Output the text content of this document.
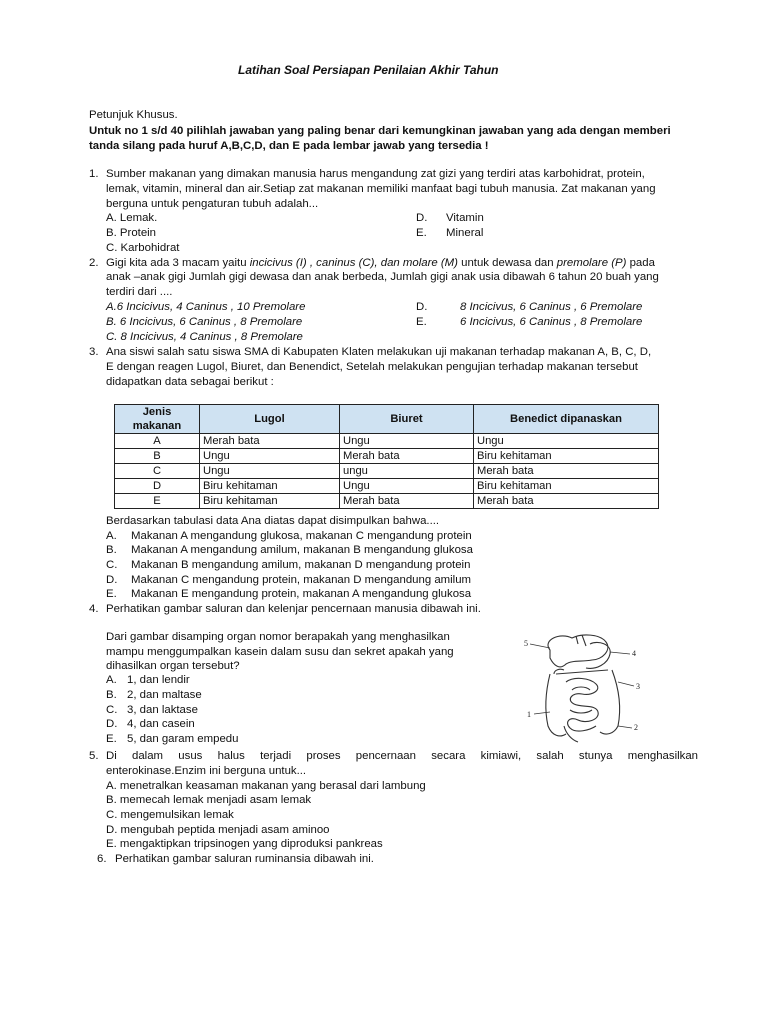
Latihan Soal Persiapan Penilaian Akhir Tahun
Petunjuk Khusus.
Untuk no 1 s/d 40 pilihlah jawaban yang paling benar dari kemungkinan jawaban yang ada dengan memberi
tanda silang pada huruf A,B,C,D, dan E pada lembar jawab yang tersedia !
1. Sumber makanan yang dimakan manusia harus mengandung zat gizi yang terdiri atas karbohidrat, protein,
lemak, vitamin, mineral dan air.Setiap zat makanan memiliki manfaat bagi tubuh manusia. Zat makanan yang
berguna untuk pengaturan tubuh adalah...
A. Lemak.
B. Protein
C. Karbohidrat
D. Vitamin
E. Mineral
2. Gigi kita ada 3 macam yaitu incicivus (I) , caninus (C), dan molare (M) untuk dewasa dan premolare (P) pada
anak –anak gigi Jumlah gigi dewasa dan anak berbeda, Jumlah gigi anak usia dibawah 6 tahun 20 buah yang
terdiri dari ....
A.6 Incicivus, 4 Caninus , 10 Premolare
B. 6 Incicivus, 6 Caninus , 8 Premolare
C. 8 Incicivus, 4 Caninus , 8 Premolare
D.	8 Incicivus, 6 Caninus , 6 Premolare
E.	6 Incicivus, 6 Caninus , 8 Premolare
3. Ana siswi salah satu siswa SMA di Kabupaten Klaten melakukan uji makanan terhadap makanan A, B, C, D,
E dengan reagen Lugol, Biuret, dan Benendict, Setelah melakukan pengujian terhadap makanan tersebut
didapatkan data sebagai berikut :
Jenis makanan	Lugol	Biuret	Benedict dipanaskan
A	Merah bata	Ungu	Ungu
B	Ungu	Merah bata	Biru kehitaman
C	Ungu	ungu	Merah bata
D	Biru kehitaman	Ungu	Biru kehitaman
E	Biru kehitaman	Merah bata	Merah bata
Berdasarkan tabulasi data Ana diatas dapat disimpulkan bahwa....
A. Makanan A mengandung glukosa, makanan C mengandung protein
B. Makanan A mengandung amilum, makanan B mengandung glukosa
C. Makanan B mengandung amilum, makanan D mengandung protein
D. Makanan C mengandung protein, makanan D mengandung amilum
E. Makanan E mengandung protein, makanan A mengandung glukosa
4. Perhatikan gambar saluran dan kelenjar pencernaan manusia dibawah ini.
Dari gambar disamping organ nomor berapakah yang menghasilkan
mampu menggumpalkan kasein dalam susu dan sekret apakah yang
dihasilkan organ tersebut?
A. 1, dan lendir
B. 2, dan maltase
C. 3, dan laktase
D. 4, dan casein
E. 5, dan garam empedu
5
4
3
1
2
5. Di dalam usus halus terjadi proses pencernaan secara kimiawi, salah stunya menghasilkan
enterokinase.Enzim ini berguna untuk...
A. menetralkan keasaman makanan yang berasal dari lambung
B. memecah lemak menjadi asam lemak
C. mengemulsikan lemak
D. mengubah peptida menjadi asam aminoo
E. mengaktipkan tripsinogen yang diproduksi pankreas
6. Perhatikan gambar saluran ruminansia dibawah ini.
